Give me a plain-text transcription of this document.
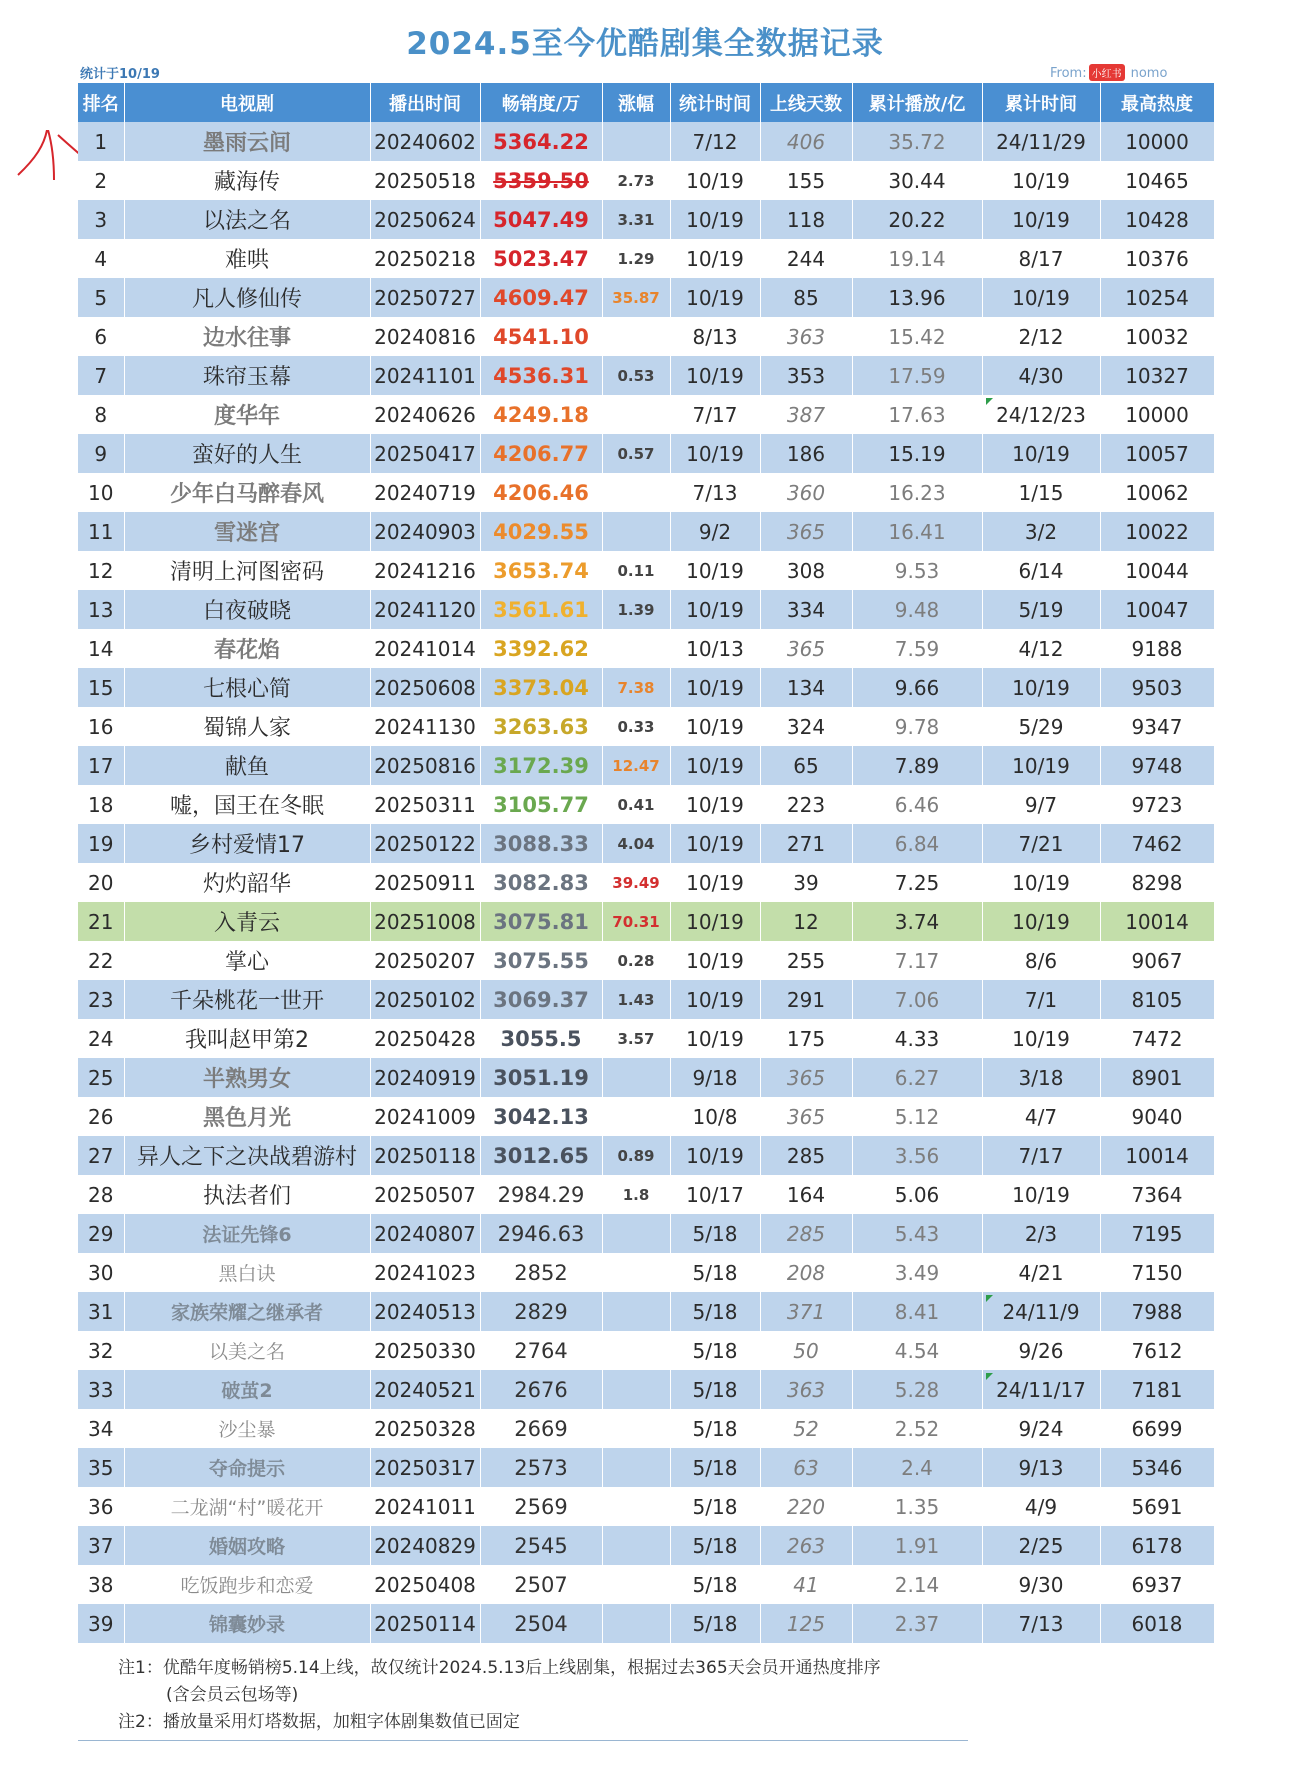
2024.5至今优酷剧集全数据记录
统计于10/19	From: 小红书 nomo
排名	电视剧	播出时间	畅销度/万	涨幅	统计时间	上线天数	累计播放/亿	累计时间	最高热度
1	墨雨云间	20240602	5364.22		7/12	406	35.72	24/11/29	10000
2	藏海传	20250518	5359.50	2.73	10/19	155	30.44	10/19	10465
3	以法之名	20250624	5047.49	3.31	10/19	118	20.22	10/19	10428
4	难哄	20250218	5023.47	1.29	10/19	244	19.14	8/17	10376
5	凡人修仙传	20250727	4609.47	35.87	10/19	85	13.96	10/19	10254
6	边水往事	20240816	4541.10		8/13	363	15.42	2/12	10032
7	珠帘玉幕	20241101	4536.31	0.53	10/19	353	17.59	4/30	10327
8	度华年	20240626	4249.18		7/17	387	17.63	24/12/23	10000
9	蛮好的人生	20250417	4206.77	0.57	10/19	186	15.19	10/19	10057
10	少年白马醉春风	20240719	4206.46		7/13	360	16.23	1/15	10062
11	雪迷宫	20240903	4029.55		9/2	365	16.41	3/2	10022
12	清明上河图密码	20241216	3653.74	0.11	10/19	308	9.53	6/14	10044
13	白夜破晓	20241120	3561.61	1.39	10/19	334	9.48	5/19	10047
14	春花焰	20241014	3392.62		10/13	365	7.59	4/12	9188
15	七根心简	20250608	3373.04	7.38	10/19	134	9.66	10/19	9503
16	蜀锦人家	20241130	3263.63	0.33	10/19	324	9.78	5/29	9347
17	献鱼	20250816	3172.39	12.47	10/19	65	7.89	10/19	9748
18	嘘，国王在冬眠	20250311	3105.77	0.41	10/19	223	6.46	9/7	9723
19	乡村爱情17	20250122	3088.33	4.04	10/19	271	6.84	7/21	7462
20	灼灼韶华	20250911	3082.83	39.49	10/19	39	7.25	10/19	8298
21	入青云	20251008	3075.81	70.31	10/19	12	3.74	10/19	10014
22	掌心	20250207	3075.55	0.28	10/19	255	7.17	8/6	9067
23	千朵桃花一世开	20250102	3069.37	1.43	10/19	291	7.06	7/1	8105
24	我叫赵甲第2	20250428	3055.5	3.57	10/19	175	4.33	10/19	7472
25	半熟男女	20240919	3051.19		9/18	365	6.27	3/18	8901
26	黑色月光	20241009	3042.13		10/8	365	5.12	4/7	9040
27	异人之下之决战碧游村	20250118	3012.65	0.89	10/19	285	3.56	7/17	10014
28	执法者们	20250507	2984.29	1.8	10/17	164	5.06	10/19	7364
29	法证先锋6	20240807	2946.63		5/18	285	5.43	2/3	7195
30	黑白诀	20241023	2852		5/18	208	3.49	4/21	7150
31	家族荣耀之继承者	20240513	2829		5/18	371	8.41	24/11/9	7988
32	以美之名	20250330	2764		5/18	50	4.54	9/26	7612
33	破茧2	20240521	2676		5/18	363	5.28	24/11/17	7181
34	沙尘暴	20250328	2669		5/18	52	2.52	9/24	6699
35	夺命提示	20250317	2573		5/18	63	2.4	9/13	5346
36	二龙湖“村”暖花开	20241011	2569		5/18	220	1.35	4/9	5691
37	婚姻攻略	20240829	2545		5/18	263	1.91	2/25	6178
38	吃饭跑步和恋爱	20250408	2507		5/18	41	2.14	9/30	6937
39	锦囊妙录	20250114	2504		5/18	125	2.37	7/13	6018
注1：优酷年度畅销榜5.14上线，故仅统计2024.5.13后上线剧集，根据过去365天会员开通热度排序
(含会员云包场等)
注2：播放量采用灯塔数据，加粗字体剧集数值已固定
